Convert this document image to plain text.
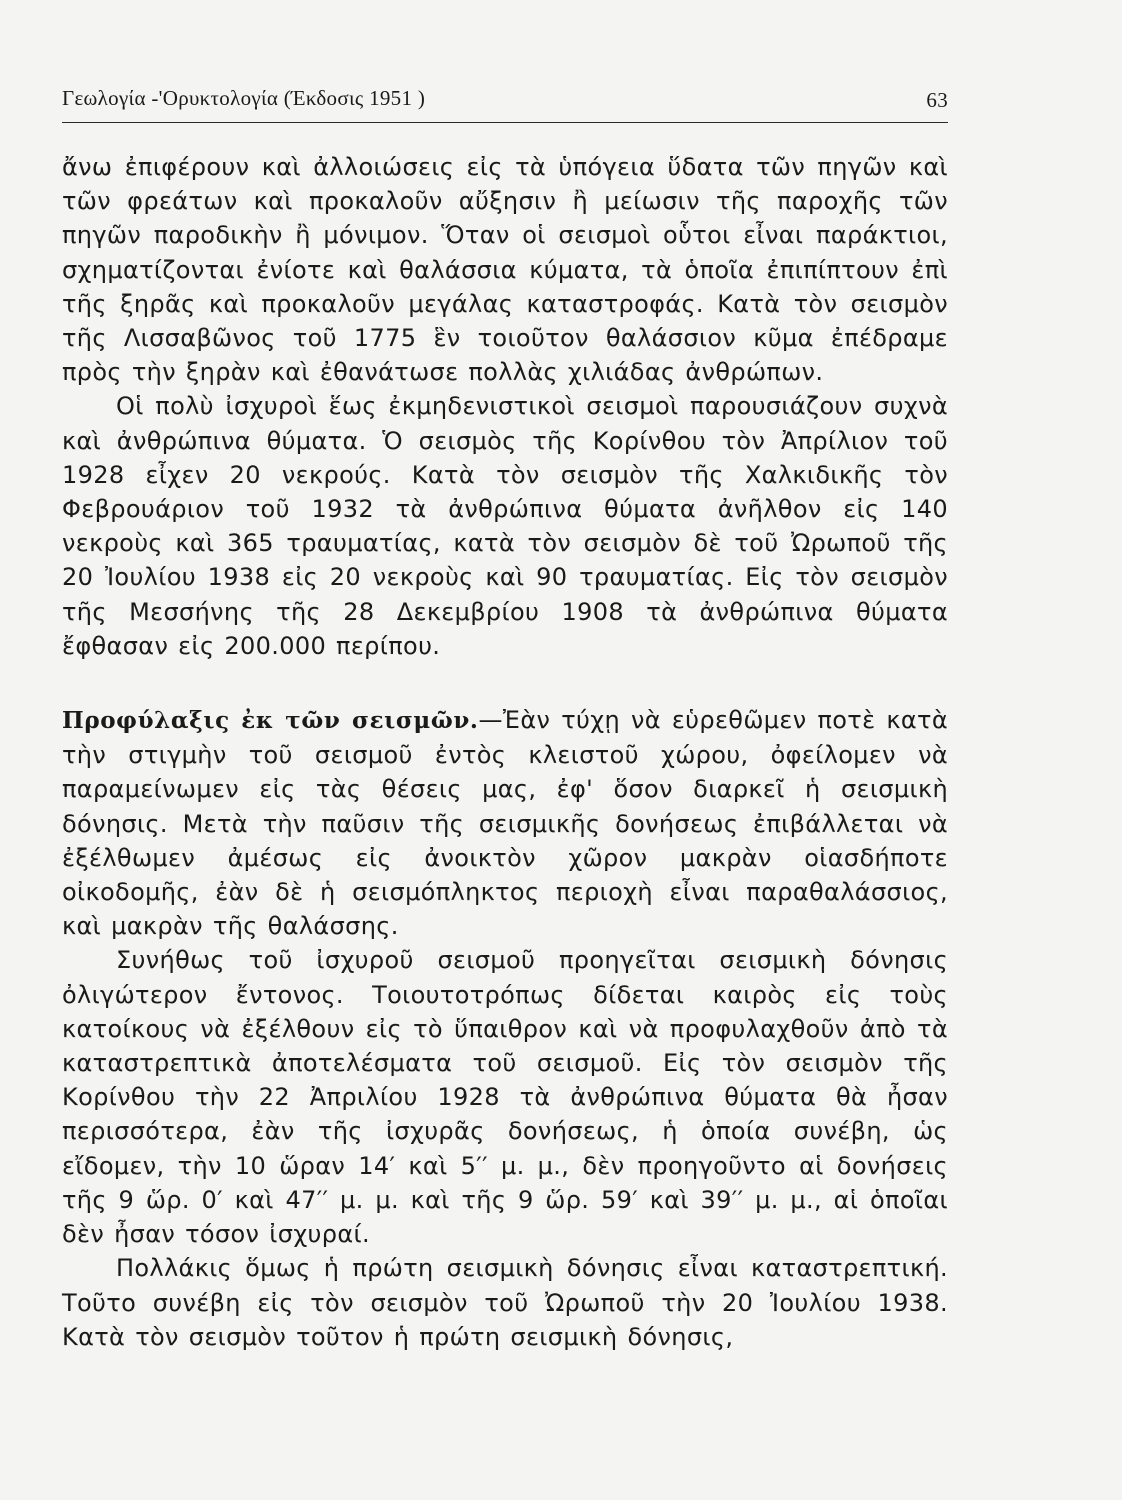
Γεωλογία -'Ορυκτολογία (Έκδοσις 1951 )	63

ἄνω ἐπιφέρουν καὶ ἀλλοιώσεις εἰς τὰ ὑπόγεια ὕδατα τῶν πηγῶν καὶ τῶν φρεάτων καὶ προκαλοῦν αὔξησιν ἢ μείωσιν τῆς παροχῆς τῶν πηγῶν παροδικὴν ἢ μόνιμον. Ὅταν οἱ σεισμοὶ οὗτοι εἶναι παράκτιοι, σχηματίζονται ἐνίοτε καὶ θαλάσσια κύματα, τὰ ὁποῖα ἐπιπίπτουν ἐπὶ τῆς ξηρᾶς καὶ προκαλοῦν μεγάλας καταστροφάς. Κατὰ τὸν σεισμὸν τῆς Λισσαβῶνος τοῦ 1775 ἓν τοιοῦτον θαλάσσιον κῦμα ἐπέδραμε πρὸς τὴν ξηρὰν καὶ ἐθανάτωσε πολλὰς χιλιάδας ἀνθρώπων.

Οἱ πολὺ ἰσχυροὶ ἕως ἐκμηδενιστικοὶ σεισμοὶ παρουσιάζουν συχνὰ καὶ ἀνθρώπινα θύματα. Ὁ σεισμὸς τῆς Κορίνθου τὸν Ἀπρίλιον τοῦ 1928 εἶχεν 20 νεκρούς. Κατὰ τὸν σεισμὸν τῆς Χαλκιδικῆς τὸν Φεβρουάριον τοῦ 1932 τὰ ἀνθρώπινα θύματα ἀνῆλθον εἰς 140 νεκροὺς καὶ 365 τραυματίας, κατὰ τὸν σεισμὸν δὲ τοῦ Ὠρωποῦ τῆς 20 Ἰουλίου 1938 εἰς 20 νεκροὺς καὶ 90 τραυματίας. Εἰς τὸν σεισμὸν τῆς Μεσσήνης τῆς 28 Δεκεμβρίου 1908 τὰ ἀνθρώπινα θύματα ἔφθασαν εἰς 200.000 περίπου.

Προφύλαξις ἐκ τῶν σεισμῶν.—Ἐὰν τύχῃ νὰ εὑρεθῶμεν ποτὲ κατὰ τὴν στιγμὴν τοῦ σεισμοῦ ἐντὸς κλειστοῦ χώρου, ὀφείλομεν νὰ παραμείνωμεν εἰς τὰς θέσεις μας, ἐφ' ὅσον διαρκεῖ ἡ σεισμικὴ δόνησις. Μετὰ τὴν παῦσιν τῆς σεισμικῆς δονήσεως ἐπιβάλλεται νὰ ἐξέλθωμεν ἀμέσως εἰς ἀνοικτὸν χῶρον μακρὰν οἱασδήποτε οἰκοδομῆς, ἐὰν δὲ ἡ σεισμόπληκτος περιοχὴ εἶναι παραθαλάσσιος, καὶ μακρὰν τῆς θαλάσσης.

Συνήθως τοῦ ἰσχυροῦ σεισμοῦ προηγεῖται σεισμικὴ δόνησις ὀλιγώτερον ἔντονος. Τοιουτοτρόπως δίδεται καιρὸς εἰς τοὺς κατοίκους νὰ ἐξέλθουν εἰς τὸ ὕπαιθρον καὶ νὰ προφυλαχθοῦν ἀπὸ τὰ καταστρεπτικὰ ἀποτελέσματα τοῦ σεισμοῦ. Εἰς τὸν σεισμὸν τῆς Κορίνθου τὴν 22 Ἀπριλίου 1928 τὰ ἀνθρώπινα θύματα θὰ ἦσαν περισσότερα, ἐὰν τῆς ἰσχυρᾶς δονήσεως, ἡ ὁποία συνέβη, ὡς εἴδομεν, τὴν 10 ὥραν 14′ καὶ 5′′ μ. μ., δὲν προηγοῦντο αἱ δονήσεις τῆς 9 ὥρ. 0′ καὶ 47′′ μ. μ. καὶ τῆς 9 ὥρ. 59′ καὶ 39′′ μ. μ., αἱ ὁποῖαι δὲν ἦσαν τόσον ἰσχυραί.

Πολλάκις ὅμως ἡ πρώτη σεισμικὴ δόνησις εἶναι καταστρεπτική. Τοῦτο συνέβη εἰς τὸν σεισμὸν τοῦ Ὠρωποῦ τὴν 20 Ἰουλίου 1938. Κατὰ τὸν σεισμὸν τοῦτον ἡ πρώτη σεισμικὴ δόνησις,
